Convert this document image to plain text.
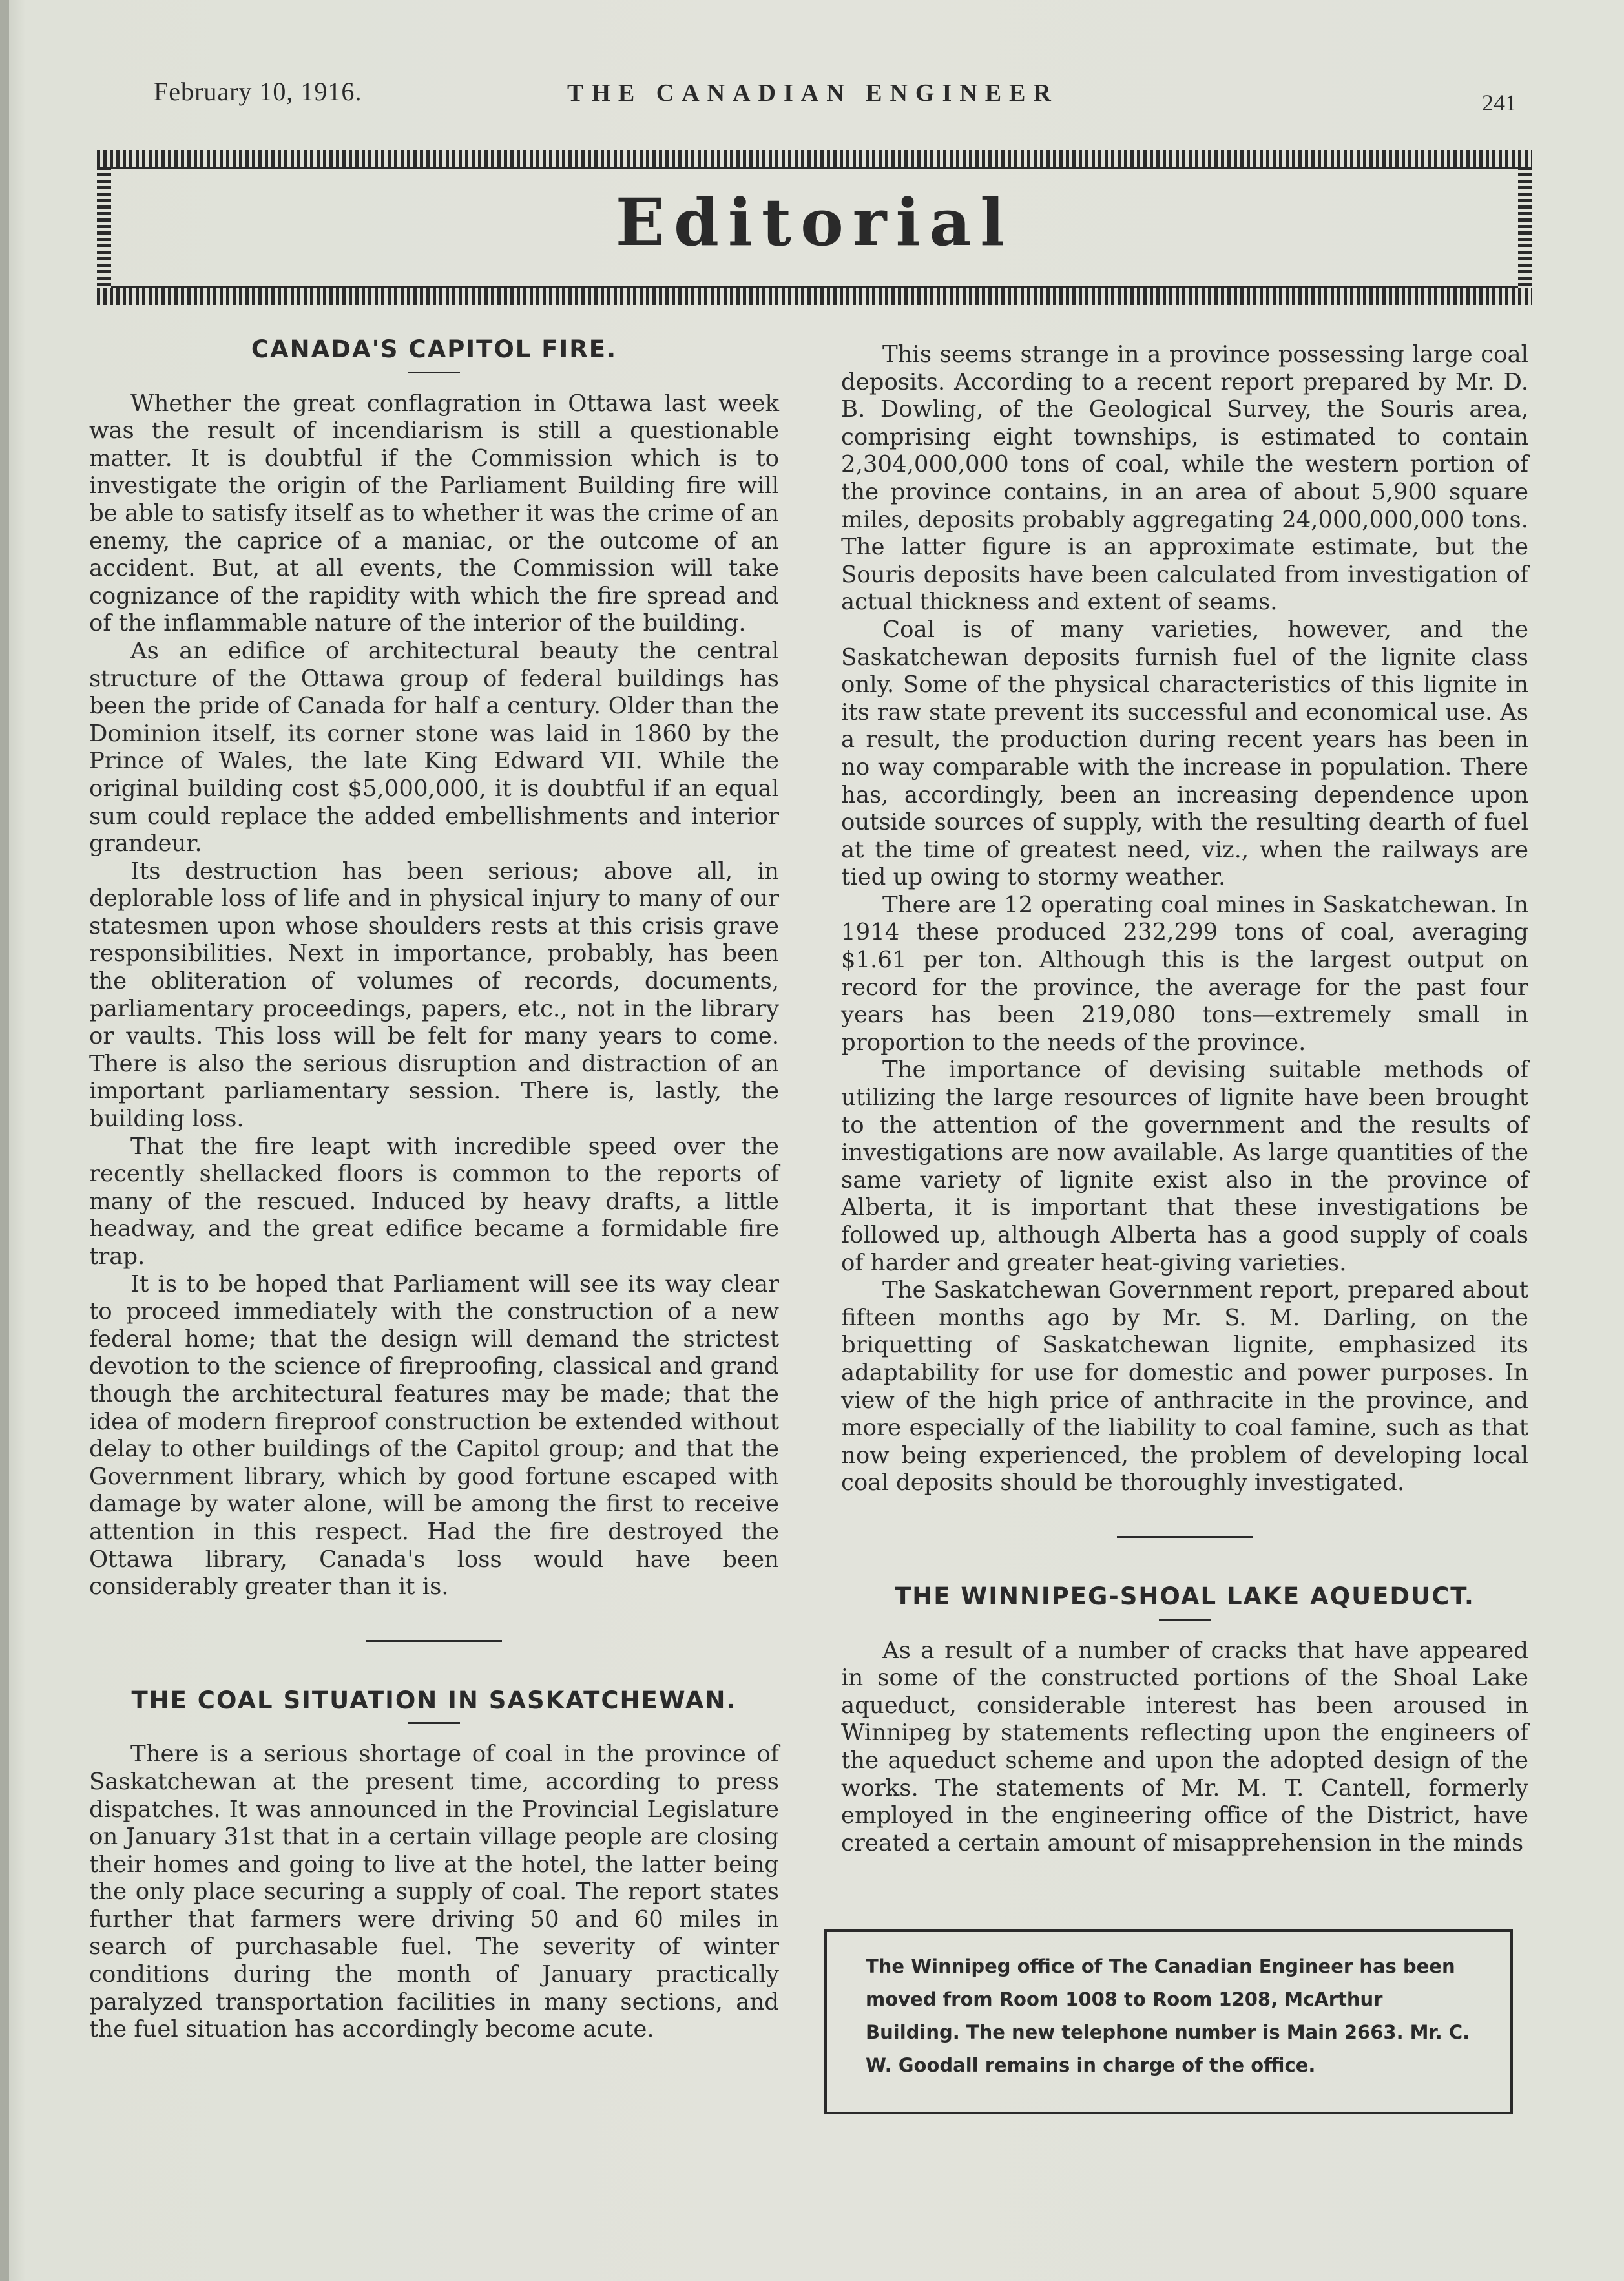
February 10, 1916.	THE CANADIAN ENGINEER	241
Editorial

CANADA'S CAPITOL FIRE.

Whether the great conflagration in Ottawa last week was the result of incendiarism is still a questionable matter. It is doubtful if the Commission which is to investigate the origin of the Parliament Building fire will be able to satisfy itself as to whether it was the crime of an enemy, the caprice of a maniac, or the outcome of an accident. But, at all events, the Commission will take cognizance of the rapidity with which the fire spread and of the inflammable nature of the interior of the building.

As an edifice of architectural beauty the central structure of the Ottawa group of federal buildings has been the pride of Canada for half a century. Older than the Dominion itself, its corner stone was laid in 1860 by the Prince of Wales, the late King Edward VII. While the original building cost $5,000,000, it is doubtful if an equal sum could replace the added embellishments and interior grandeur.

Its destruction has been serious; above all, in deplorable loss of life and in physical injury to many of our statesmen upon whose shoulders rests at this crisis grave responsibilities. Next in importance, probably, has been the obliteration of volumes of records, documents, parliamentary proceedings, papers, etc., not in the library or vaults. This loss will be felt for many years to come. There is also the serious disruption and distraction of an important parliamentary session. There is, lastly, the building loss.

That the fire leapt with incredible speed over the recently shellacked floors is common to the reports of many of the rescued. Induced by heavy drafts, a little headway, and the great edifice became a formidable fire trap.

It is to be hoped that Parliament will see its way clear to proceed immediately with the construction of a new federal home; that the design will demand the strictest devotion to the science of fireproofing, classical and grand though the architectural features may be made; that the idea of modern fireproof construction be extended without delay to other buildings of the Capitol group; and that the Government library, which by good fortune escaped with damage by water alone, will be among the first to receive attention in this respect. Had the fire destroyed the Ottawa library, Canada's loss would have been considerably greater than it is.

THE COAL SITUATION IN SASKATCHEWAN.

There is a serious shortage of coal in the province of Saskatchewan at the present time, according to press dispatches. It was announced in the Provincial Legislature on January 31st that in a certain village people are closing their homes and going to live at the hotel, the latter being the only place securing a supply of coal. The report states further that farmers were driving 50 and 60 miles in search of purchasable fuel. The severity of winter conditions during the month of January practically paralyzed transportation facilities in many sections, and the fuel situation has accordingly become acute.

This seems strange in a province possessing large coal deposits. According to a recent report prepared by Mr. D. B. Dowling, of the Geological Survey, the Souris area, comprising eight townships, is estimated to contain 2,304,000,000 tons of coal, while the western portion of the province contains, in an area of about 5,900 square miles, deposits probably aggregating 24,000,000,000 tons. The latter figure is an approximate estimate, but the Souris deposits have been calculated from investigation of actual thickness and extent of seams.

Coal is of many varieties, however, and the Saskatchewan deposits furnish fuel of the lignite class only. Some of the physical characteristics of this lignite in its raw state prevent its successful and economical use. As a result, the production during recent years has been in no way comparable with the increase in population. There has, accordingly, been an increasing dependence upon outside sources of supply, with the resulting dearth of fuel at the time of greatest need, viz., when the railways are tied up owing to stormy weather.

There are 12 operating coal mines in Saskatchewan. In 1914 these produced 232,299 tons of coal, averaging $1.61 per ton. Although this is the largest output on record for the province, the average for the past four years has been 219,080 tons—extremely small in proportion to the needs of the province.

The importance of devising suitable methods of utilizing the large resources of lignite have been brought to the attention of the government and the results of investigations are now available. As large quantities of the same variety of lignite exist also in the province of Alberta, it is important that these investigations be followed up, although Alberta has a good supply of coals of harder and greater heat-giving varieties.

The Saskatchewan Government report, prepared about fifteen months ago by Mr. S. M. Darling, on the briquetting of Saskatchewan lignite, emphasized its adaptability for use for domestic and power purposes. In view of the high price of anthracite in the province, and more especially of the liability to coal famine, such as that now being experienced, the problem of developing local coal deposits should be thoroughly investigated.

THE WINNIPEG-SHOAL LAKE AQUEDUCT.

As a result of a number of cracks that have appeared in some of the constructed portions of the Shoal Lake aqueduct, considerable interest has been aroused in Winnipeg by statements reflecting upon the engineers of the aqueduct scheme and upon the adopted design of the works. The statements of Mr. M. T. Cantell, formerly employed in the engineering office of the District, have created a certain amount of misapprehension in the minds

The Winnipeg office of The Canadian Engineer has been moved from Room 1008 to Room 1208, McArthur Building. The new telephone number is Main 2663. Mr. C. W. Goodall remains in charge of the office.
